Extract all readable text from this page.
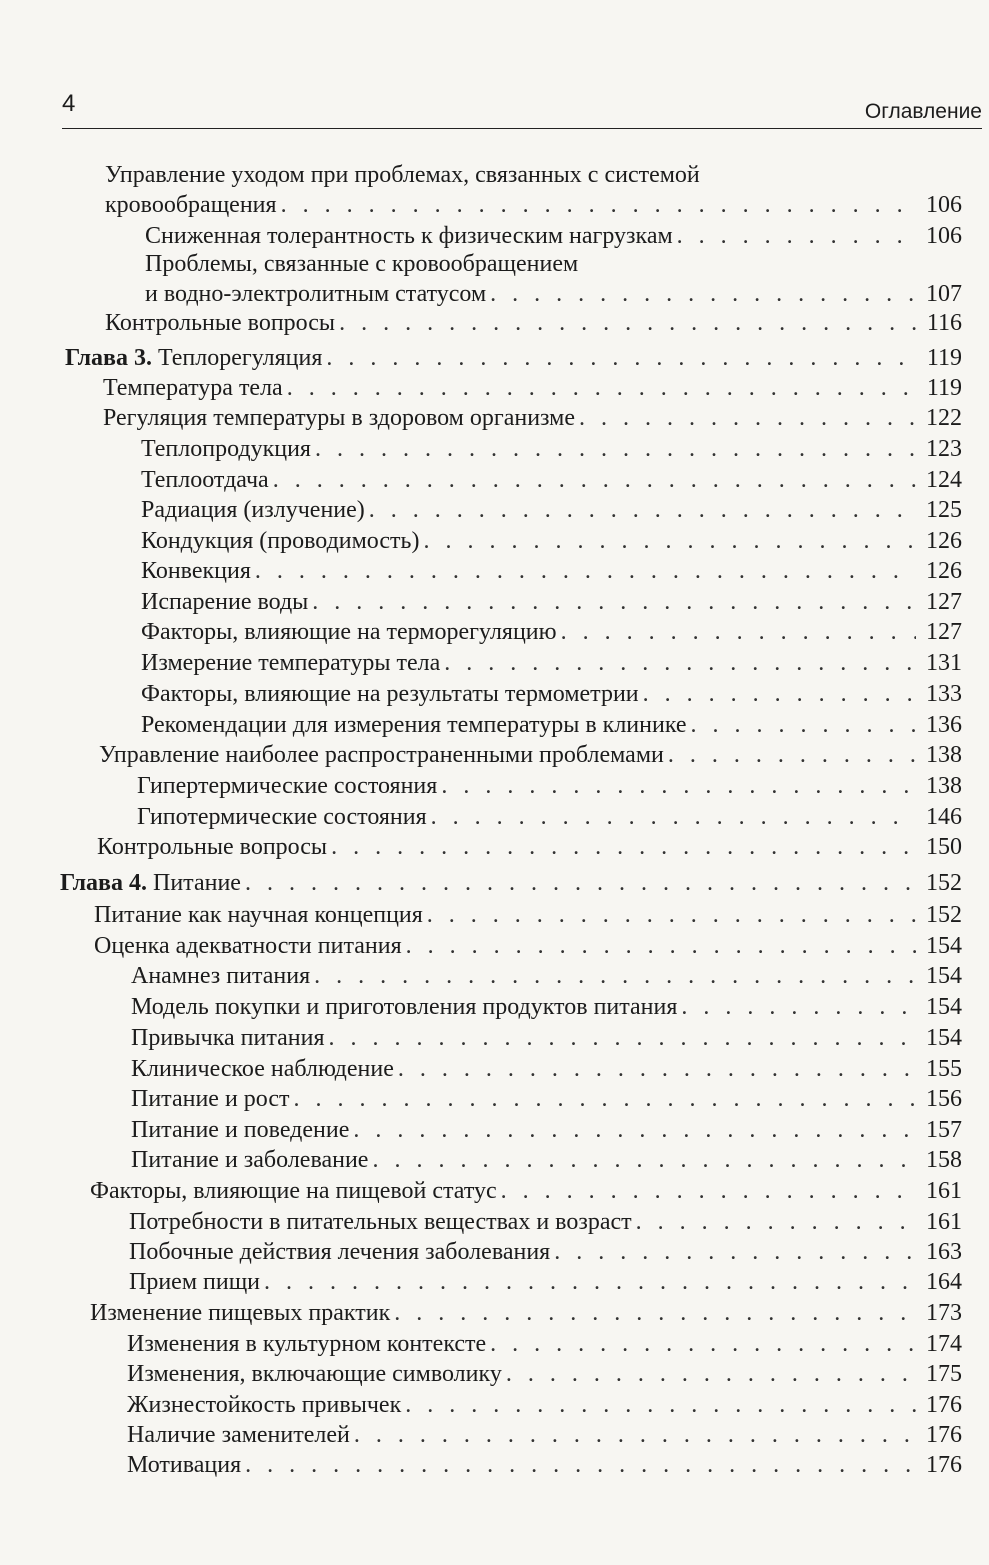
4	Оглавление
Управление уходом при проблемах, связанных с системой
кровообращения . . .	106
Сниженная толерантность к физическим нагрузкам . . .	106
Проблемы, связанные с кровообращением
и водно-электролитным статусом . . .	107
Контрольные вопросы . . .	116
Глава 3. Теплорегуляция . . .	119
Температура тела . . .	119
Регуляция температуры в здоровом организме . . .	122
Теплопродукция . . .	123
Теплоотдача . . .	124
Радиация (излучение) . . .	125
Кондукция (проводимость) . . .	126
Конвекция . . .	126
Испарение воды . . .	127
Факторы, влияющие на терморегуляцию . . .	127
Измерение температуры тела . . .	131
Факторы, влияющие на результаты термометрии . . .	133
Рекомендации для измерения температуры в клинике . . .	136
Управление наиболее распространенными проблемами . . .	138
Гипертермические состояния . . .	138
Гипотермические состояния . . .	146
Контрольные вопросы . . .	150
Глава 4. Питание . . .	152
Питание как научная концепция . . .	152
Оценка адекватности питания . . .	154
Анамнез питания . . .	154
Модель покупки и приготовления продуктов питания . . .	154
Привычка питания . . .	154
Клиническое наблюдение . . .	155
Питание и рост . . .	156
Питание и поведение . . .	157
Питание и заболевание . . .	158
Факторы, влияющие на пищевой статус . . .	161
Потребности в питательных веществах и возраст . . .	161
Побочные действия лечения заболевания . . .	163
Прием пищи . . .	164
Изменение пищевых практик . . .	173
Изменения в культурном контексте . . .	174
Изменения, включающие символику . . .	175
Жизнестойкость привычек . . .	176
Наличие заменителей . . .	176
Мотивация . . .	176
